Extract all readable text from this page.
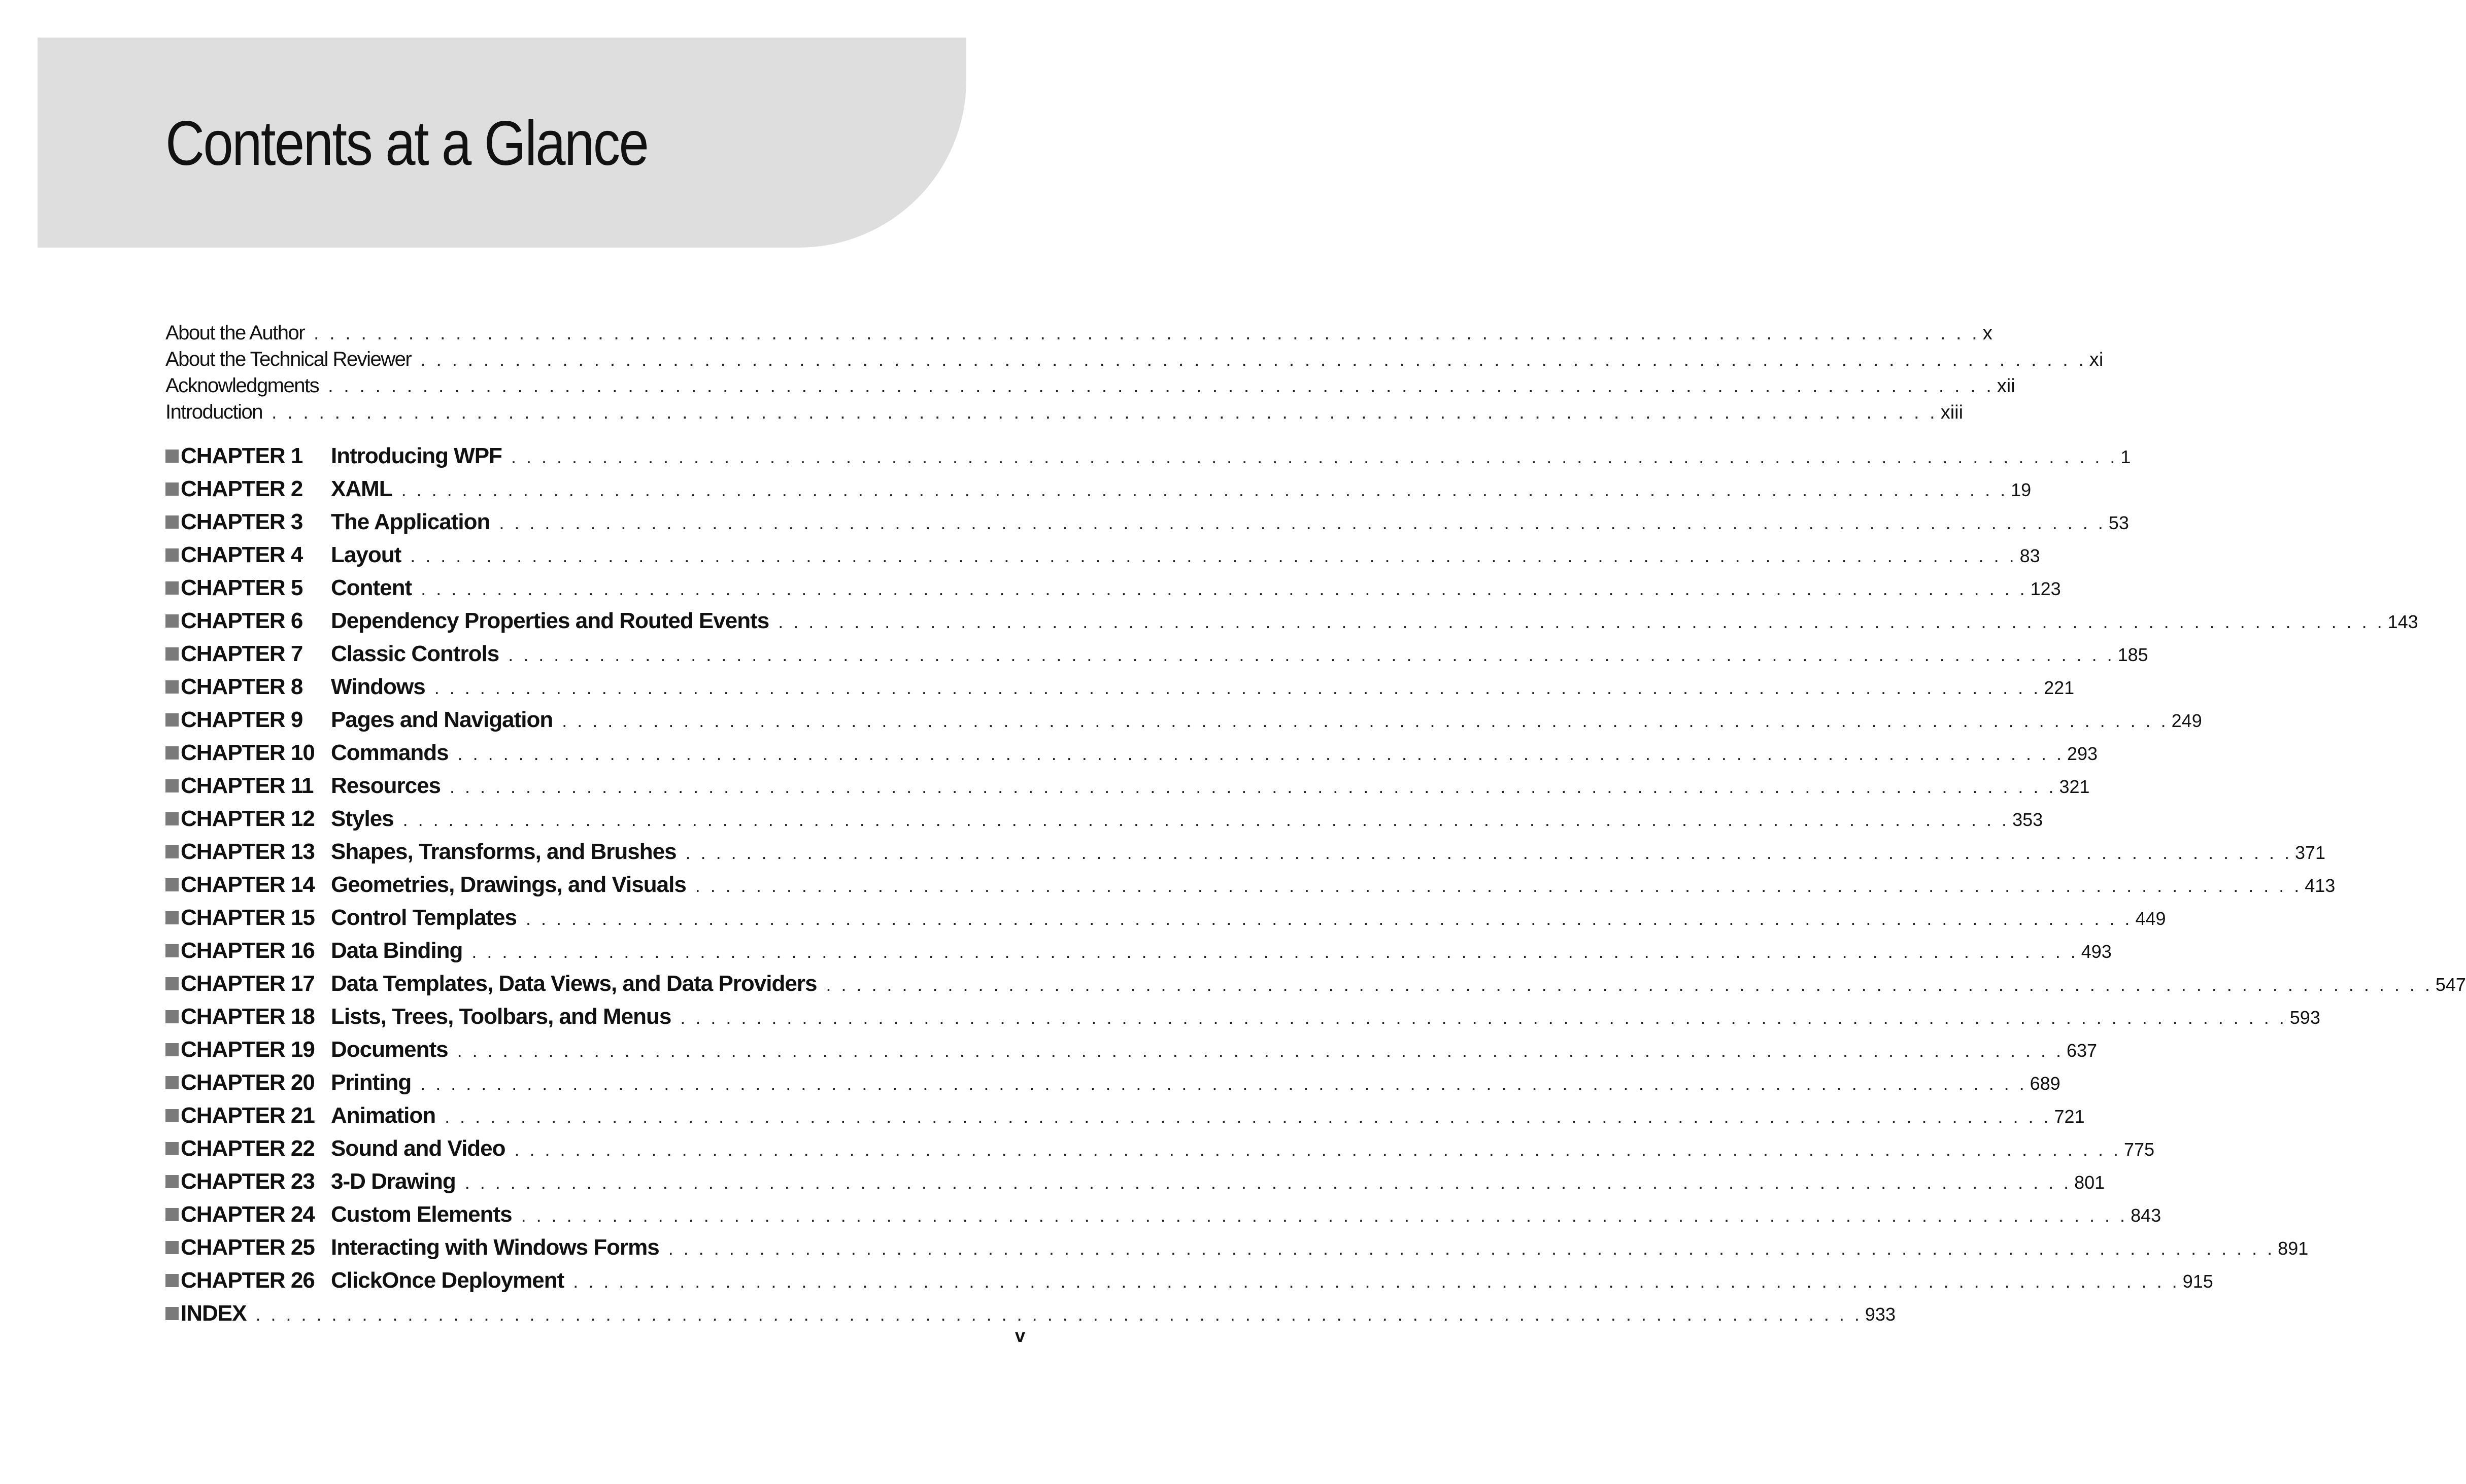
Contents at a Glance
About the Author . . . . . . . . . . . . . . . . . . . . . . . . . . . . . . . . . . . . . . . . . . . . . . . . . . . . . . . . . . . . . . . . . . . . . . . . . . . . . . . . . . . . . . . . . . . . . . . . . . . . . . . . . . x
About the Technical Reviewer . . . . . . . . . . . . . . . . . . . . . . . . . . . . . . . . . . . . . . . . . . . . . . . . . . . . . . . . . . . . . . . . . . . . . . . . . . . . . . . . . . . . . . . . . . . . . . . . . . . . . . . . . . xi
Acknowledgments . . . . . . . . . . . . . . . . . . . . . . . . . . . . . . . . . . . . . . . . . . . . . . . . . . . . . . . . . . . . . . . . . . . . . . . . . . . . . . . . . . . . . . . . . . . . . . . . . . . . . . . . . . xii
Introduction . . . . . . . . . . . . . . . . . . . . . . . . . . . . . . . . . . . . . . . . . . . . . . . . . . . . . . . . . . . . . . . . . . . . . . . . . . . . . . . . . . . . . . . . . . . . . . . . . . . . . . . . . . xiii
CHAPTER 1	Introducing WPF . . . . . . . . . . . . . . . . . . . . . . . . . . . . . . . . . . . . . . . . . . . . . . . . . . . . . . . . . . . . . . . . . . . . . . . . . . . . . . . . . . . . . . . . . . . . . . . . . . . . . . . . . . 1
CHAPTER 2	XAML . . . . . . . . . . . . . . . . . . . . . . . . . . . . . . . . . . . . . . . . . . . . . . . . . . . . . . . . . . . . . . . . . . . . . . . . . . . . . . . . . . . . . . . . . . . . . . . . . . . . . . . . . . 19
CHAPTER 3	The Application . . . . . . . . . . . . . . . . . . . . . . . . . . . . . . . . . . . . . . . . . . . . . . . . . . . . . . . . . . . . . . . . . . . . . . . . . . . . . . . . . . . . . . . . . . . . . . . . . . . . . . . . . . 53
CHAPTER 4	Layout . . . . . . . . . . . . . . . . . . . . . . . . . . . . . . . . . . . . . . . . . . . . . . . . . . . . . . . . . . . . . . . . . . . . . . . . . . . . . . . . . . . . . . . . . . . . . . . . . . . . . . . . . . 83
CHAPTER 5	Content . . . . . . . . . . . . . . . . . . . . . . . . . . . . . . . . . . . . . . . . . . . . . . . . . . . . . . . . . . . . . . . . . . . . . . . . . . . . . . . . . . . . . . . . . . . . . . . . . . . . . . . . . . 123
CHAPTER 6	Dependency Properties and Routed Events . . . . . . . . . . . . . . . . . . . . . . . . . . . . . . . . . . . . . . . . . . . . . . . . . . . . . . . . . . . . . . . . . . . . . . . . . . . . . . . . . . . . . . . . . . . . . . . . . . . . . . . . . . 143
CHAPTER 7	Classic Controls . . . . . . . . . . . . . . . . . . . . . . . . . . . . . . . . . . . . . . . . . . . . . . . . . . . . . . . . . . . . . . . . . . . . . . . . . . . . . . . . . . . . . . . . . . . . . . . . . . . . . . . . . . 185
CHAPTER 8	Windows . . . . . . . . . . . . . . . . . . . . . . . . . . . . . . . . . . . . . . . . . . . . . . . . . . . . . . . . . . . . . . . . . . . . . . . . . . . . . . . . . . . . . . . . . . . . . . . . . . . . . . . . . . 221
CHAPTER 9	Pages and Navigation . . . . . . . . . . . . . . . . . . . . . . . . . . . . . . . . . . . . . . . . . . . . . . . . . . . . . . . . . . . . . . . . . . . . . . . . . . . . . . . . . . . . . . . . . . . . . . . . . . . . . . . . . . 249
CHAPTER 10 Commands . . . . . . . . . . . . . . . . . . . . . . . . . . . . . . . . . . . . . . . . . . . . . . . . . . . . . . . . . . . . . . . . . . . . . . . . . . . . . . . . . . . . . . . . . . . . . . . . . . . . . . . . . . 293
CHAPTER 11 Resources . . . . . . . . . . . . . . . . . . . . . . . . . . . . . . . . . . . . . . . . . . . . . . . . . . . . . . . . . . . . . . . . . . . . . . . . . . . . . . . . . . . . . . . . . . . . . . . . . . . . . . . . . . 321
CHAPTER 12 Styles . . . . . . . . . . . . . . . . . . . . . . . . . . . . . . . . . . . . . . . . . . . . . . . . . . . . . . . . . . . . . . . . . . . . . . . . . . . . . . . . . . . . . . . . . . . . . . . . . . . . . . . . . . 353
CHAPTER 13 Shapes, Transforms, and Brushes . . . . . . . . . . . . . . . . . . . . . . . . . . . . . . . . . . . . . . . . . . . . . . . . . . . . . . . . . . . . . . . . . . . . . . . . . . . . . . . . . . . . . . . . . . . . . . . . . . . . . . . . . . 371
CHAPTER 14 Geometries, Drawings, and Visuals . . . . . . . . . . . . . . . . . . . . . . . . . . . . . . . . . . . . . . . . . . . . . . . . . . . . . . . . . . . . . . . . . . . . . . . . . . . . . . . . . . . . . . . . . . . . . . . . . . . . . . . . . . 413
CHAPTER 15 Control Templates . . . . . . . . . . . . . . . . . . . . . . . . . . . . . . . . . . . . . . . . . . . . . . . . . . . . . . . . . . . . . . . . . . . . . . . . . . . . . . . . . . . . . . . . . . . . . . . . . . . . . . . . . . 449
CHAPTER 16 Data Binding . . . . . . . . . . . . . . . . . . . . . . . . . . . . . . . . . . . . . . . . . . . . . . . . . . . . . . . . . . . . . . . . . . . . . . . . . . . . . . . . . . . . . . . . . . . . . . . . . . . . . . . . . . 493
CHAPTER 17 Data Templates, Data Views, and Data Providers . . . . . . . . . . . . . . . . . . . . . . . . . . . . . . . . . . . . . . . . . . . . . . . . . . . . . . . . . . . . . . . . . . . . . . . . . . . . . . . . . . . . . . . . . . . . . . . . . . . . . . . . . . 547
CHAPTER 18 Lists, Trees, Toolbars, and Menus . . . . . . . . . . . . . . . . . . . . . . . . . . . . . . . . . . . . . . . . . . . . . . . . . . . . . . . . . . . . . . . . . . . . . . . . . . . . . . . . . . . . . . . . . . . . . . . . . . . . . . . . . . 593
CHAPTER 19 Documents . . . . . . . . . . . . . . . . . . . . . . . . . . . . . . . . . . . . . . . . . . . . . . . . . . . . . . . . . . . . . . . . . . . . . . . . . . . . . . . . . . . . . . . . . . . . . . . . . . . . . . . . . . 637
CHAPTER 20 Printing . . . . . . . . . . . . . . . . . . . . . . . . . . . . . . . . . . . . . . . . . . . . . . . . . . . . . . . . . . . . . . . . . . . . . . . . . . . . . . . . . . . . . . . . . . . . . . . . . . . . . . . . . . 689
CHAPTER 21 Animation . . . . . . . . . . . . . . . . . . . . . . . . . . . . . . . . . . . . . . . . . . . . . . . . . . . . . . . . . . . . . . . . . . . . . . . . . . . . . . . . . . . . . . . . . . . . . . . . . . . . . . . . . . 721
CHAPTER 22 Sound and Video . . . . . . . . . . . . . . . . . . . . . . . . . . . . . . . . . . . . . . . . . . . . . . . . . . . . . . . . . . . . . . . . . . . . . . . . . . . . . . . . . . . . . . . . . . . . . . . . . . . . . . . . . . 775
CHAPTER 23 3-D Drawing . . . . . . . . . . . . . . . . . . . . . . . . . . . . . . . . . . . . . . . . . . . . . . . . . . . . . . . . . . . . . . . . . . . . . . . . . . . . . . . . . . . . . . . . . . . . . . . . . . . . . . . . . . 801
CHAPTER 24 Custom Elements . . . . . . . . . . . . . . . . . . . . . . . . . . . . . . . . . . . . . . . . . . . . . . . . . . . . . . . . . . . . . . . . . . . . . . . . . . . . . . . . . . . . . . . . . . . . . . . . . . . . . . . . . . 843
CHAPTER 25 Interacting with Windows Forms . . . . . . . . . . . . . . . . . . . . . . . . . . . . . . . . . . . . . . . . . . . . . . . . . . . . . . . . . . . . . . . . . . . . . . . . . . . . . . . . . . . . . . . . . . . . . . . . . . . . . . . . . . 891
CHAPTER 26 ClickOnce Deployment . . . . . . . . . . . . . . . . . . . . . . . . . . . . . . . . . . . . . . . . . . . . . . . . . . . . . . . . . . . . . . . . . . . . . . . . . . . . . . . . . . . . . . . . . . . . . . . . . . . . . . . . . . 915
INDEX . . . . . . . . . . . . . . . . . . . . . . . . . . . . . . . . . . . . . . . . . . . . . . . . . . . . . . . . . . . . . . . . . . . . . . . . . . . . . . . . . . . . . . . . . . . . . . . . . . . . . . . . . . 933
v
